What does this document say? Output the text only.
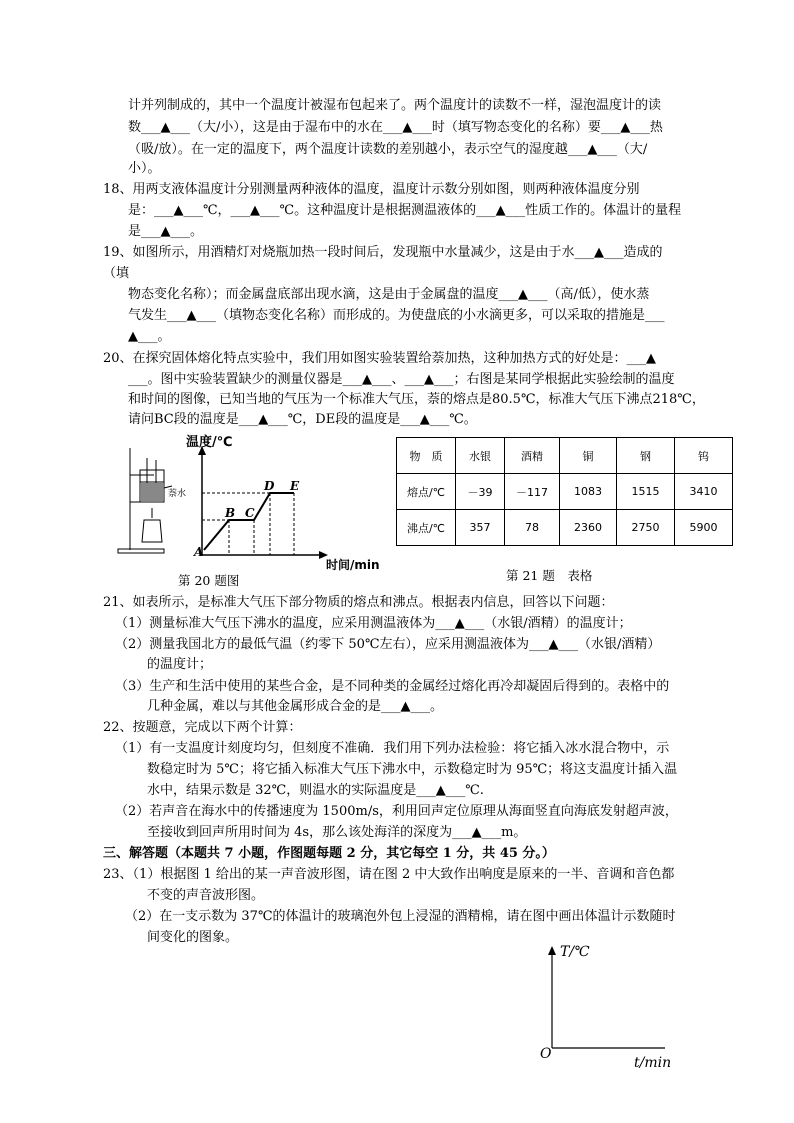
计并列制成的，其中一个温度计被湿布包起来了。两个温度计的读数不一样，湿泡温度计的读
数___▲___（大/小），这是由于湿布中的水在___▲___时（填写物态变化的名称）要___▲___热
（吸/放）。在一定的温度下，两个温度计读数的差别越小，表示空气的湿度越___▲___（大/
小）。
18、用两支液体温度计分别测量两种液体的温度，温度计示数分别如图，则两种液体温度分别
是：___▲___℃，___▲___℃。这种温度计是根据测温液体的___▲___性质工作的。体温计的量程
是___▲___。
19、如图所示，用酒精灯对烧瓶加热一段时间后，发现瓶中水量减少，这是由于水___▲___造成的
（填
物态变化名称）；而金属盘底部出现水滴，这是由于金属盘的温度___▲___（高/低），使水蒸
气发生___▲___（填物态变化名称）而形成的。为使盘底的小水滴更多，可以采取的措施是___
▲___。
20、在探究固体熔化特点实验中，我们用如图实验装置给萘加热，这种加热方式的好处是：___▲
___。图中实验装置缺少的测量仪器是___▲___、___▲___；右图是某同学根据此实验绘制的温度
和时间的图像，已知当地的气压为一个标准大气压，萘的熔点是80.5℃，标准大气压下沸点218℃，
请问BC段的温度是___▲___℃，DE段的温度是___▲___℃。
萘水
温度/℃
时间/min
A
B C
D E
第 20 题图
物　质	水银	酒精	铜	钢	钨
熔点/℃	－39	－117	1083	1515	3410
沸点/℃	357	78	2360	2750	5900
第 21 题　表格
21、如表所示，是标准大气压下部分物质的熔点和沸点。根据表内信息，回答以下问题：
（1）测量标准大气压下沸水的温度，应采用测温液体为___▲___（水银/酒精）的温度计；
（2）测量我国北方的最低气温（约零下 50℃左右），应采用测温液体为___▲___（水银/酒精）
的温度计；
（3）生产和生活中使用的某些合金，是不同种类的金属经过熔化再冷却凝固后得到的。表格中的
几种金属，难以与其他金属形成合金的是___▲___。
22、按题意，完成以下两个计算：
（1）有一支温度计刻度均匀，但刻度不准确．我们用下列办法检验：将它插入冰水混合物中，示
数稳定时为 5℃；将它插入标准大气压下沸水中，示数稳定时为 95℃；将这支温度计插入温
水中，结果示数是 32℃，则温水的实际温度是___▲___℃.
（2）若声音在海水中的传播速度为 1500m/s，利用回声定位原理从海面竖直向海底发射超声波，
至接收到回声所用时间为 4s，那么该处海洋的深度为___▲___m。
三、解答题（本题共 7 小题，作图题每题 2 分，其它每空 1 分，共 45 分。）
23、（1）根据图 1 给出的某一声音波形图，请在图 2 中大致作出响度是原来的一半、音调和音色都
不变的声音波形图。
（2）在一支示数为 37℃的体温计的玻璃泡外包上浸湿的酒精棉，请在图中画出体温计示数随时
间变化的图象。
T/℃
O
t/min
